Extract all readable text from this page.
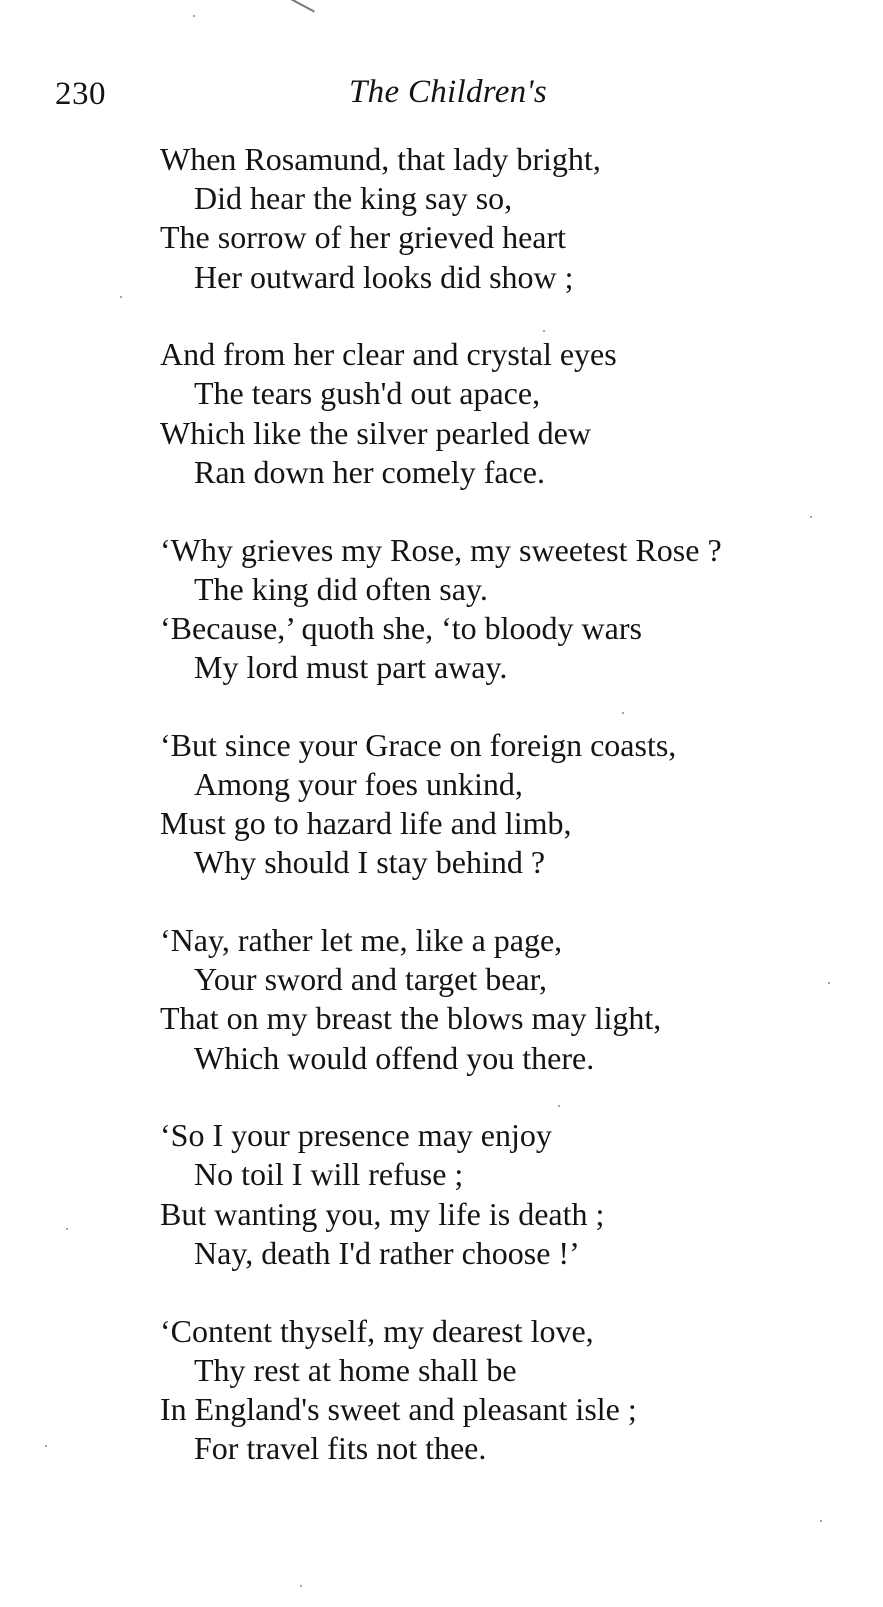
230	The Children's
When Rosamund, that lady bright,
Did hear the king say so,
The sorrow of her grieved heart
Her outward looks did show ;
And from her clear and crystal eyes
The tears gush'd out apace,
Which like the silver pearled dew
Ran down her comely face.
‘Why grieves my Rose, my sweetest Rose ?
The king did often say.
‘Because,’ quoth she, ‘to bloody wars
My lord must part away.
‘But since your Grace on foreign coasts,
Among your foes unkind,
Must go to hazard life and limb,
Why should I stay behind ?
‘Nay, rather let me, like a page,
Your sword and target bear,
That on my breast the blows may light,
Which would offend you there.
‘So I your presence may enjoy
No toil I will refuse ;
But wanting you, my life is death ;
Nay, death I'd rather choose !’
‘Content thyself, my dearest love,
Thy rest at home shall be
In England's sweet and pleasant isle ;
For travel fits not thee.
